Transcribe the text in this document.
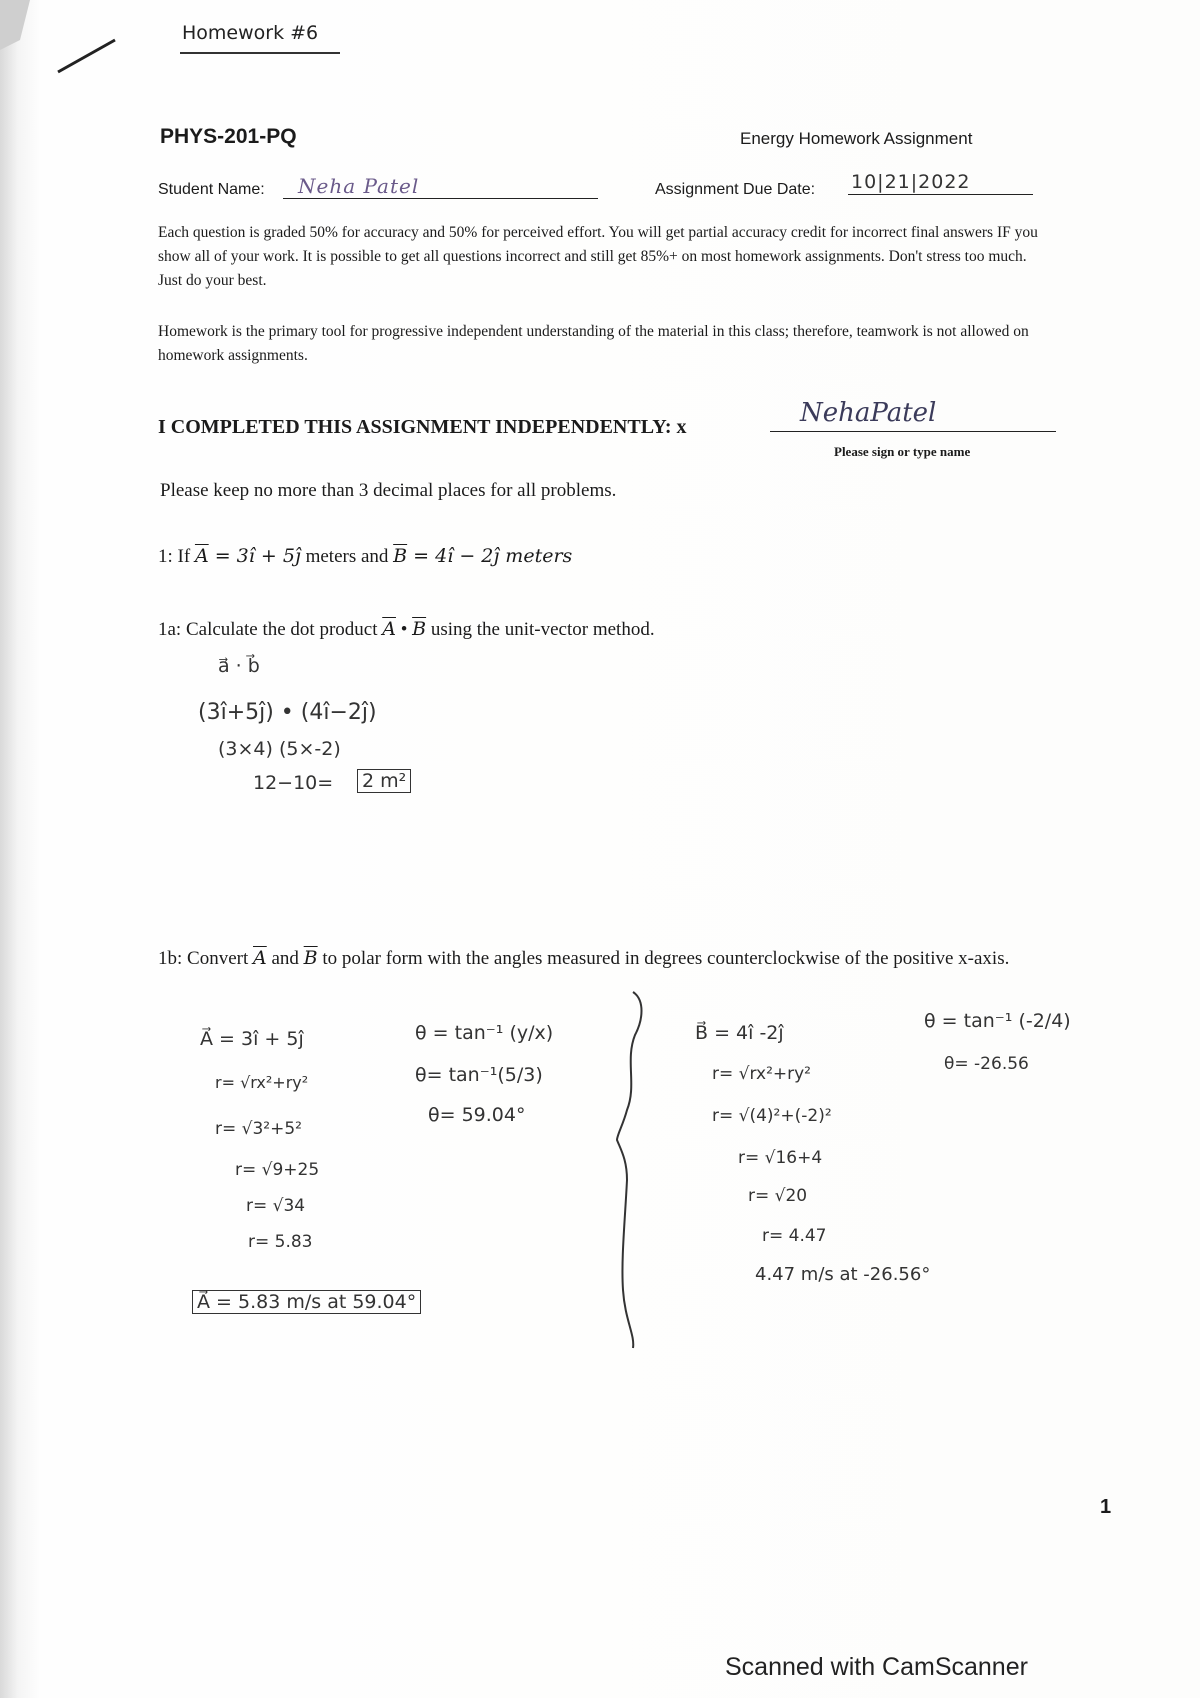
Homework #6
PHYS-201-PQ	Energy Homework Assignment
Student Name: Neha Patel	Assignment Due Date: 10|21|2022
Each question is graded 50% for accuracy and 50% for perceived effort. You will get partial accuracy credit for incorrect final answers IF you show all of your work. It is possible to get all questions incorrect and still get 85%+ on most homework assignments. Don't stress too much. Just do your best.
Homework is the primary tool for progressive independent understanding of the material in this class; therefore, teamwork is not allowed on homework assignments.
I COMPLETED THIS ASSIGNMENT INDEPENDENTLY: x	NehaPatel
Please sign or type name
Please keep no more than 3 decimal places for all problems.
1: If $\overline{A}$ = 3î + 5ĵ meters and $\overline{B}$ = 4î − 2ĵ meters
1a: Calculate the dot product $\overline{A}$ • $\overline{B}$ using the unit-vector method.
a⃗ · b⃗
(3î+5ĵ) • (4î−2ĵ)
(3×4) (5×-2)
12−10= 2 m²
1b: Convert $\overline{A}$ and $\overline{B}$ to polar form with the angles measured in degrees counterclockwise of the positive x-axis.
A⃗ = 3î + 5ĵ
r= √rx²+ry²
r= √3²+5²
r= √9+25
r= √34
r= 5.83
θ = tan⁻¹ (y/x)
θ= tan⁻¹(5/3)
θ= 59.04°
A⃗ = 5.83 m/s at 59.04°
B⃗ = 4î -2ĵ
r= √rx²+ry²
r= √(4)²+(-2)²
r= √16+4
r= √20
r= 4.47
θ = tan⁻¹ (-2/4)
θ= -26.56
4.47 m/s at -26.56°
1
Scanned with CamScanner
